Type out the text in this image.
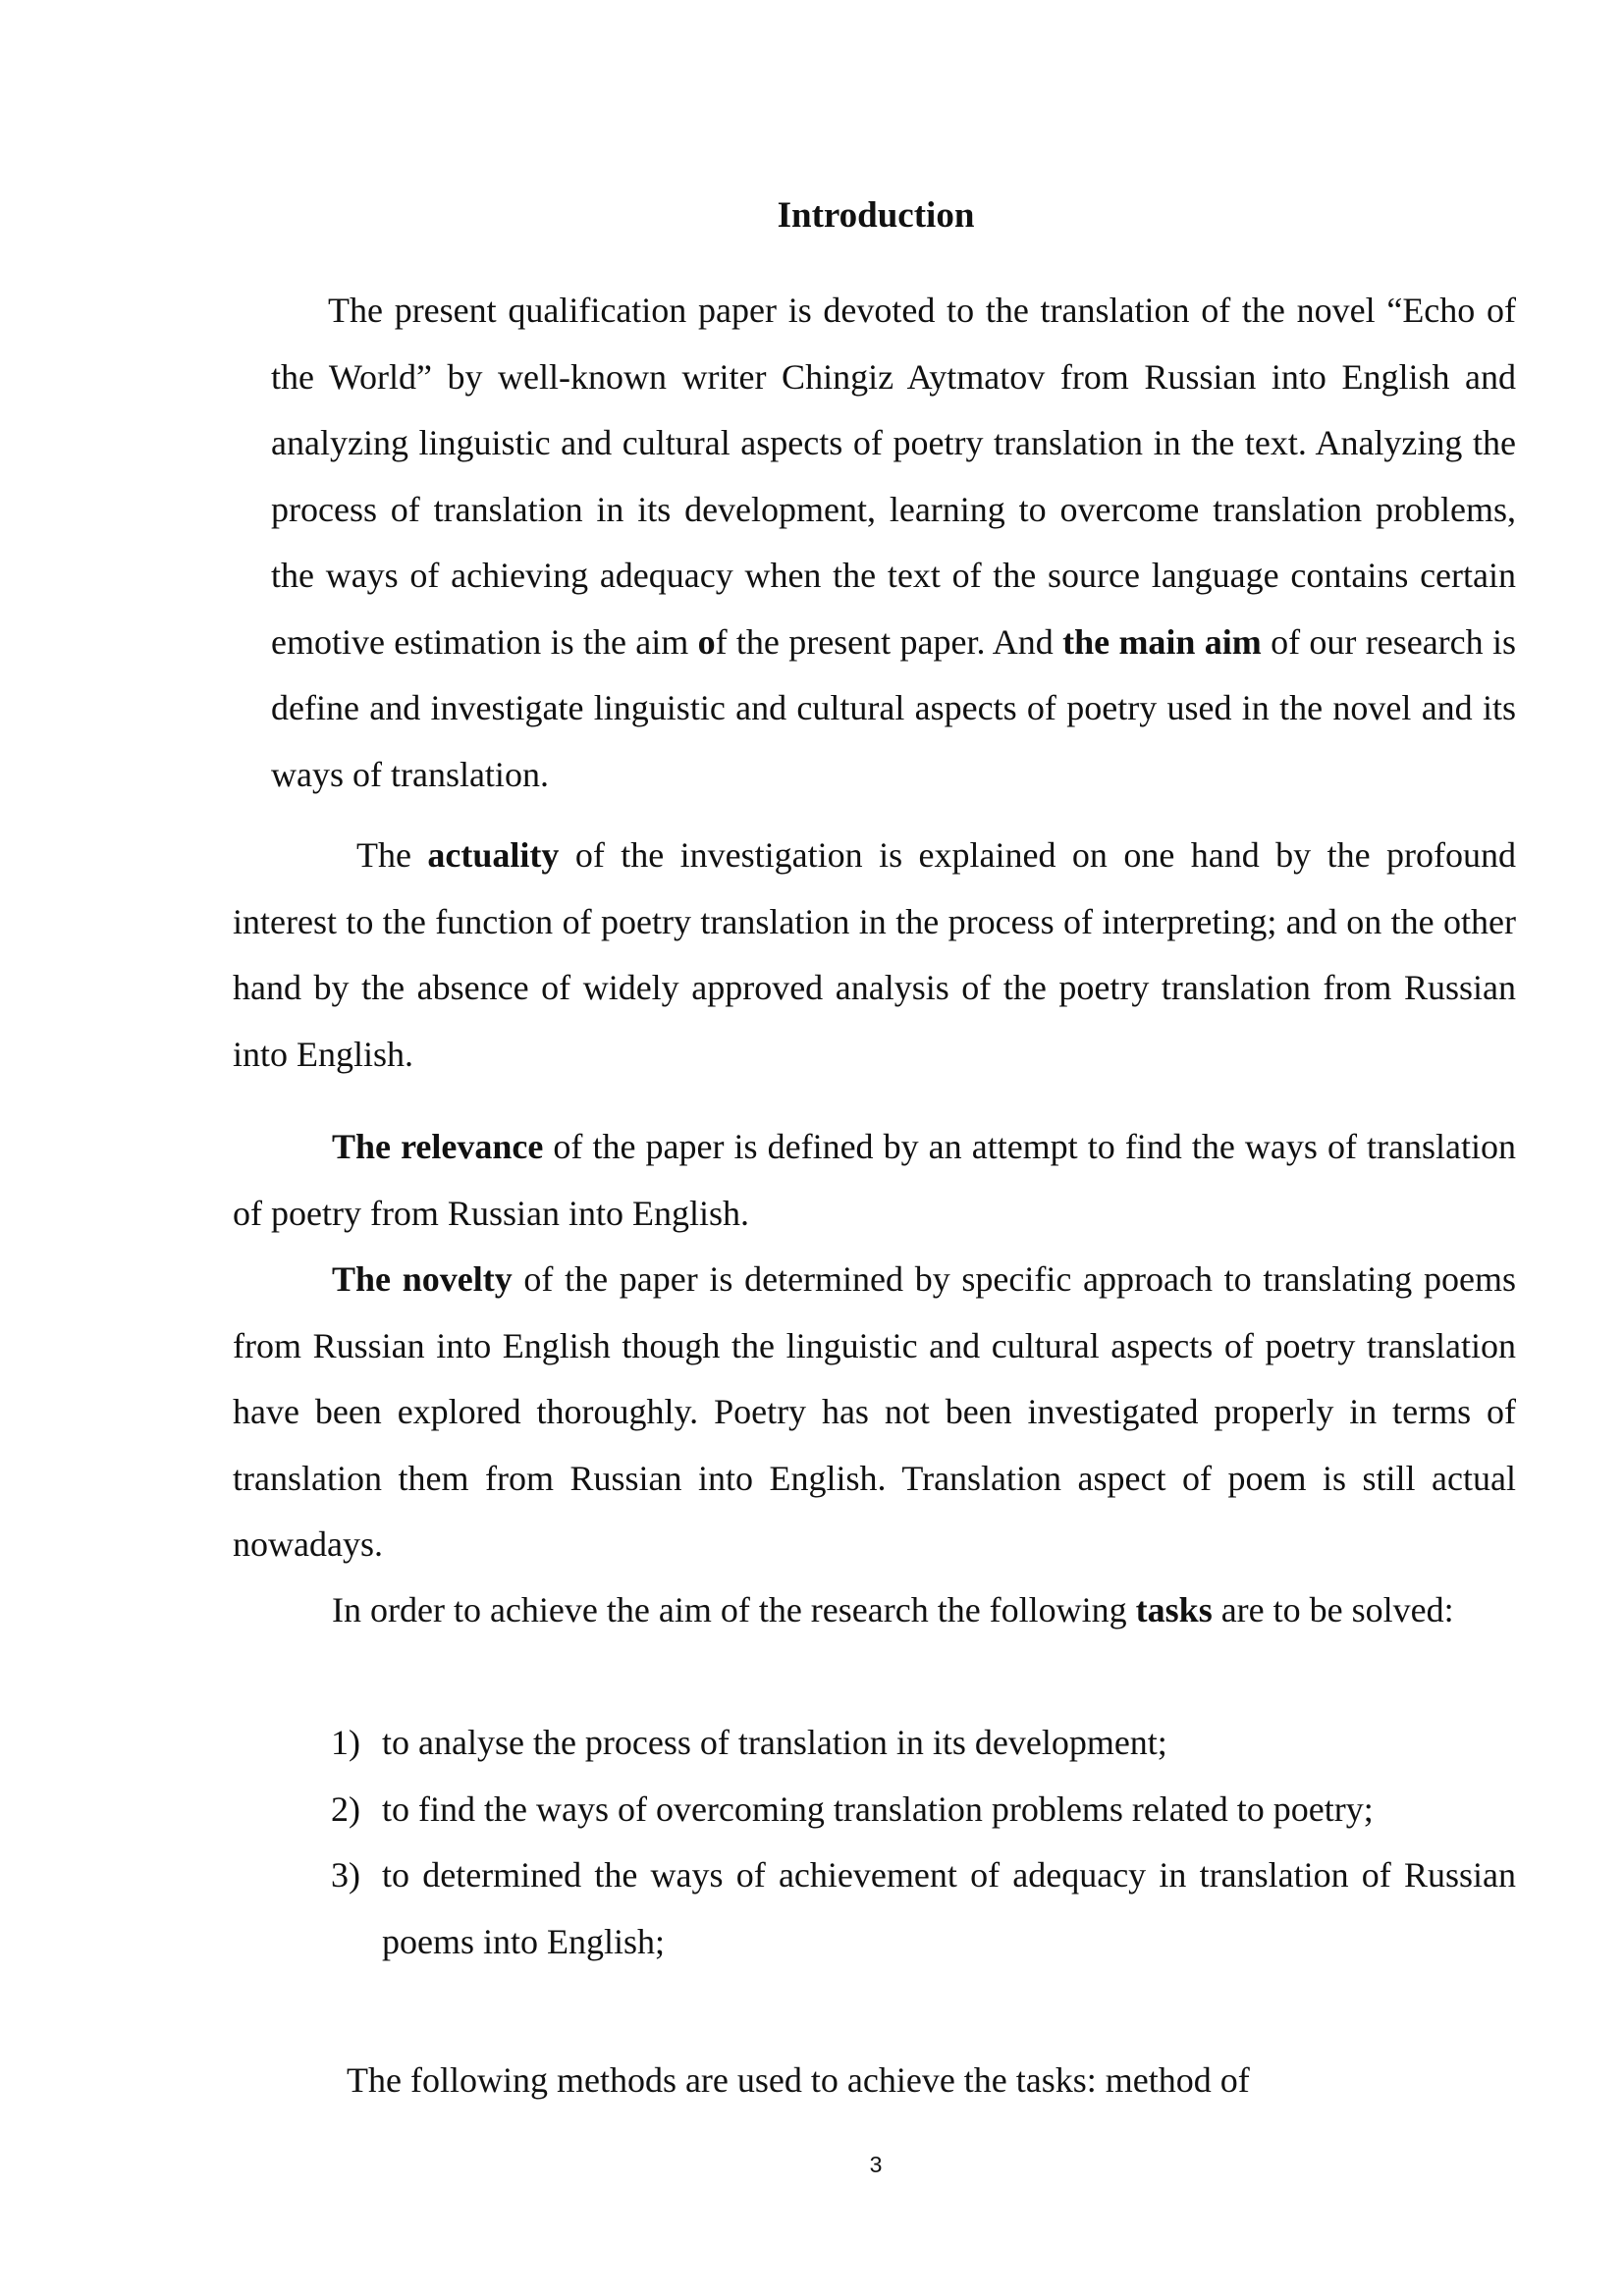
Introduction

The present qualification paper is devoted to the translation of the novel “Echo of the World” by well-known writer Chingiz Aytmatov from Russian into English and analyzing linguistic and cultural aspects of poetry translation in the text. Analyzing the process of translation in its development, learning to overcome translation problems, the ways of achieving adequacy when the text of the source language contains certain emotive estimation is the aim of the present paper. And the main aim of our research is define and investigate linguistic and cultural aspects of poetry used in the novel and its ways of translation.

The actuality of the investigation is explained on one hand by the profound interest to the function of poetry translation in the process of interpreting; and on the other hand by the absence of widely approved analysis of the poetry translation from Russian into English.

The relevance of the paper is defined by an attempt to find the ways of translation of poetry from Russian into English.

The novelty of the paper is determined by specific approach to translating poems from Russian into English though the linguistic and cultural aspects of poetry translation have been explored thoroughly. Poetry has not been investigated properly in terms of translation them from Russian into English. Translation aspect of poem is still actual nowadays.

In order to achieve the aim of the research the following tasks are to be solved:

1) to analyse the process of translation in its development;
2) to find the ways of overcoming translation problems related to poetry;
3) to determined the ways of achievement of adequacy in translation of Russian poems into English;

The following methods are used to achieve the tasks: method of

3
